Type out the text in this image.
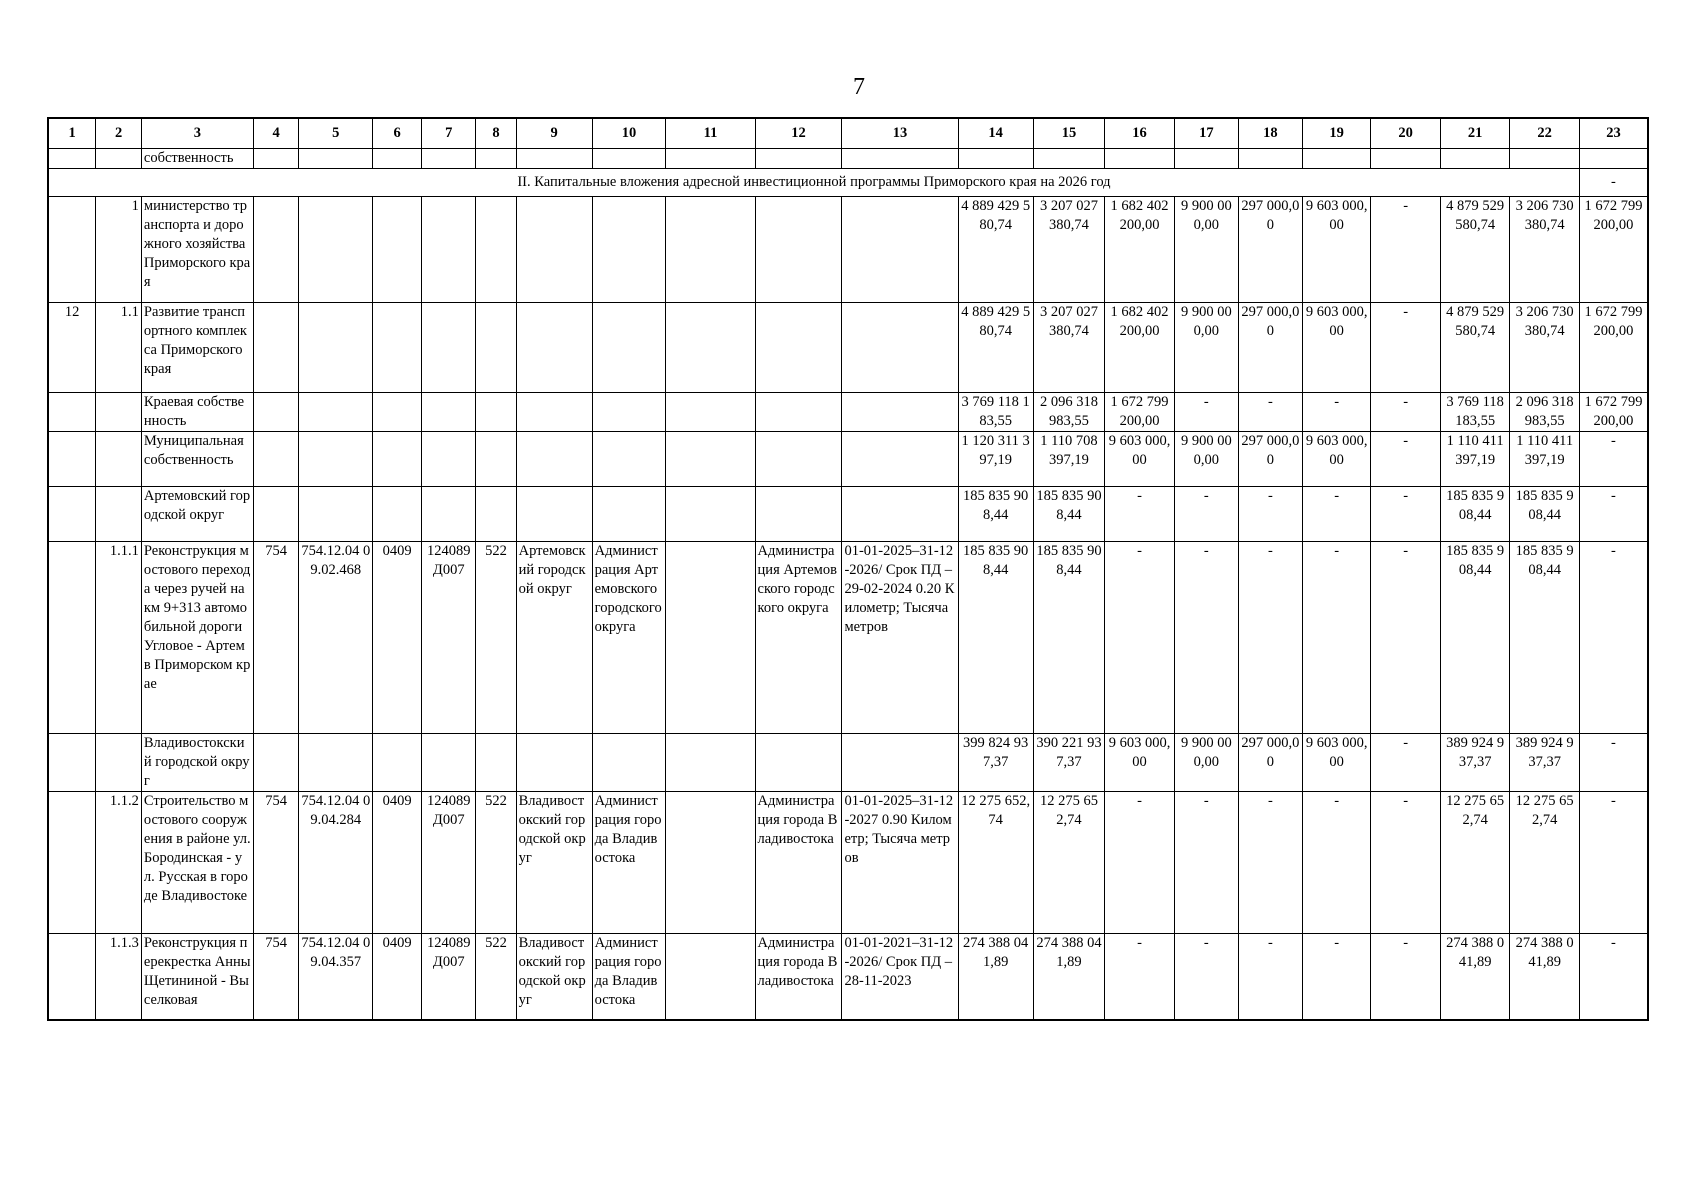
7
1	2	3	4	5	6	7	8	9	10	11	12	13	14	15	16	17	18	19	20	21	22	23
		собственность																				
II. Капитальные вложения адресной инвестиционной программы Приморского края на 2026 год																						-
	1	министерство транспорта и дорожного хозяйства Приморского края											4 889 429 580,74	3 207 027 380,74	1 682 402 200,00	9 900 000,00	297 000,00	9 603 000,00	-	4 879 529 580,74	3 206 730 380,74	1 672 799 200,00
12	1.1	Развитие транспортного комплекса Приморского края											4 889 429 580,74	3 207 027 380,74	1 682 402 200,00	9 900 000,00	297 000,00	9 603 000,00	-	4 879 529 580,74	3 206 730 380,74	1 672 799 200,00
		Краевая собственность											3 769 118 183,55	2 096 318 983,55	1 672 799 200,00	-	-	-	-	3 769 118 183,55	2 096 318 983,55	1 672 799 200,00
		Муниципальная собственность											1 120 311 397,19	1 110 708 397,19	9 603 000,00	9 900 000,00	297 000,00	9 603 000,00	-	1 110 411 397,19	1 110 411 397,19	-
		Артемовский городской округ											185 835 908,44	185 835 908,44	-	-	-	-	-	185 835 908,44	185 835 908,44	-
	1.1.1	Реконструкция мостового перехода через ручей на км 9+313 автомобильной дороги Угловое - Артем в Приморском крае	754	754.12.04 09.02.468	0409	124089 Д007	522	Артемовский городской округ	Администрация Артемовского городского округа		Администрация Артемовского городского округа	01-01-2025–31-12-2026/ Срок ПД – 29-02-2024 0.20 Километр; Тысяча метров	185 835 908,44	185 835 908,44	-	-	-	-	-	185 835 908,44	185 835 908,44	-
		Владивостокский городской округ											399 824 937,37	390 221 937,37	9 603 000,00	9 900 000,00	297 000,00	9 603 000,00	-	389 924 937,37	389 924 937,37	-
	1.1.2	Строительство мостового сооружения в районе ул. Бородинская - ул. Русская в городе Владивостоке	754	754.12.04 09.04.284	0409	124089 Д007	522	Владивостокский городской округ	Администрация города Владивостока		Администрация города Владивостока	01-01-2025–31-12-2027 0.90 Километр; Тысяча метров	12 275 652,74	12 275 652,74	-	-	-	-	-	12 275 652,74	12 275 652,74	-
	1.1.3	Реконструкция перекрестка Анны Щетининой - Выселковая	754	754.12.04 09.04.357	0409	124089 Д007	522	Владивостокский городской округ	Администрация города Владивостока		Администрация города Владивостока	01-01-2021–31-12-2026/ Срок ПД – 28-11-2023	274 388 041,89	274 388 041,89	-	-	-	-	-	274 388 041,89	274 388 041,89	-
